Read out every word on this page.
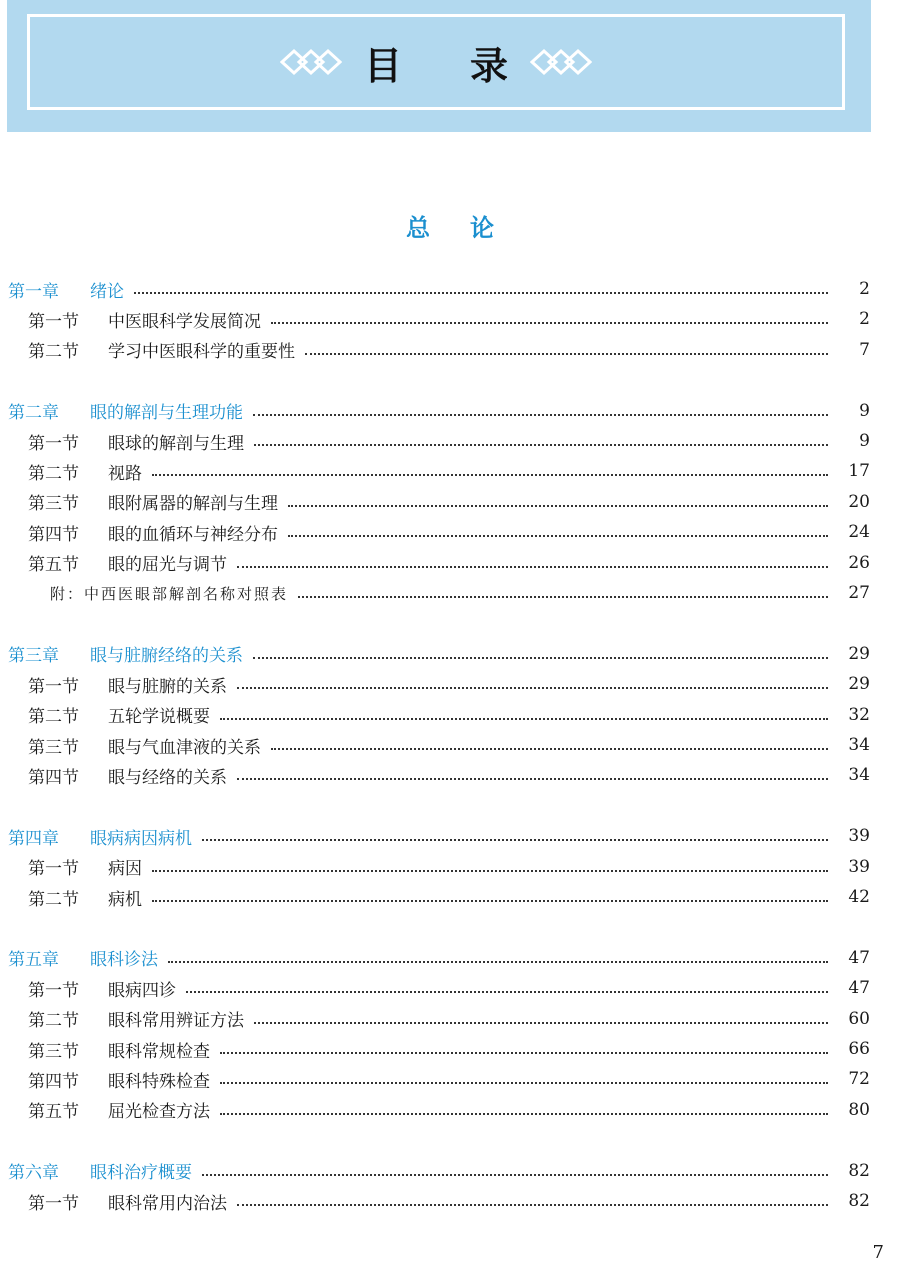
目录
总论
第一章	绪论	2
第一节	中医眼科学发展简况	2
第二节	学习中医眼科学的重要性	7
第二章	眼的解剖与生理功能	9
第一节	眼球的解剖与生理	9
第二节	视路	17
第三节	眼附属器的解剖与生理	20
第四节	眼的血循环与神经分布	24
第五节	眼的屈光与调节	26
附：中西医眼部解剖名称对照表	27
第三章	眼与脏腑经络的关系	29
第一节	眼与脏腑的关系	29
第二节	五轮学说概要	32
第三节	眼与气血津液的关系	34
第四节	眼与经络的关系	34
第四章	眼病病因病机	39
第一节	病因	39
第二节	病机	42
第五章	眼科诊法	47
第一节	眼病四诊	47
第二节	眼科常用辨证方法	60
第三节	眼科常规检查	66
第四节	眼科特殊检查	72
第五节	屈光检查方法	80
第六章	眼科治疗概要	82
第一节	眼科常用内治法	82
7
